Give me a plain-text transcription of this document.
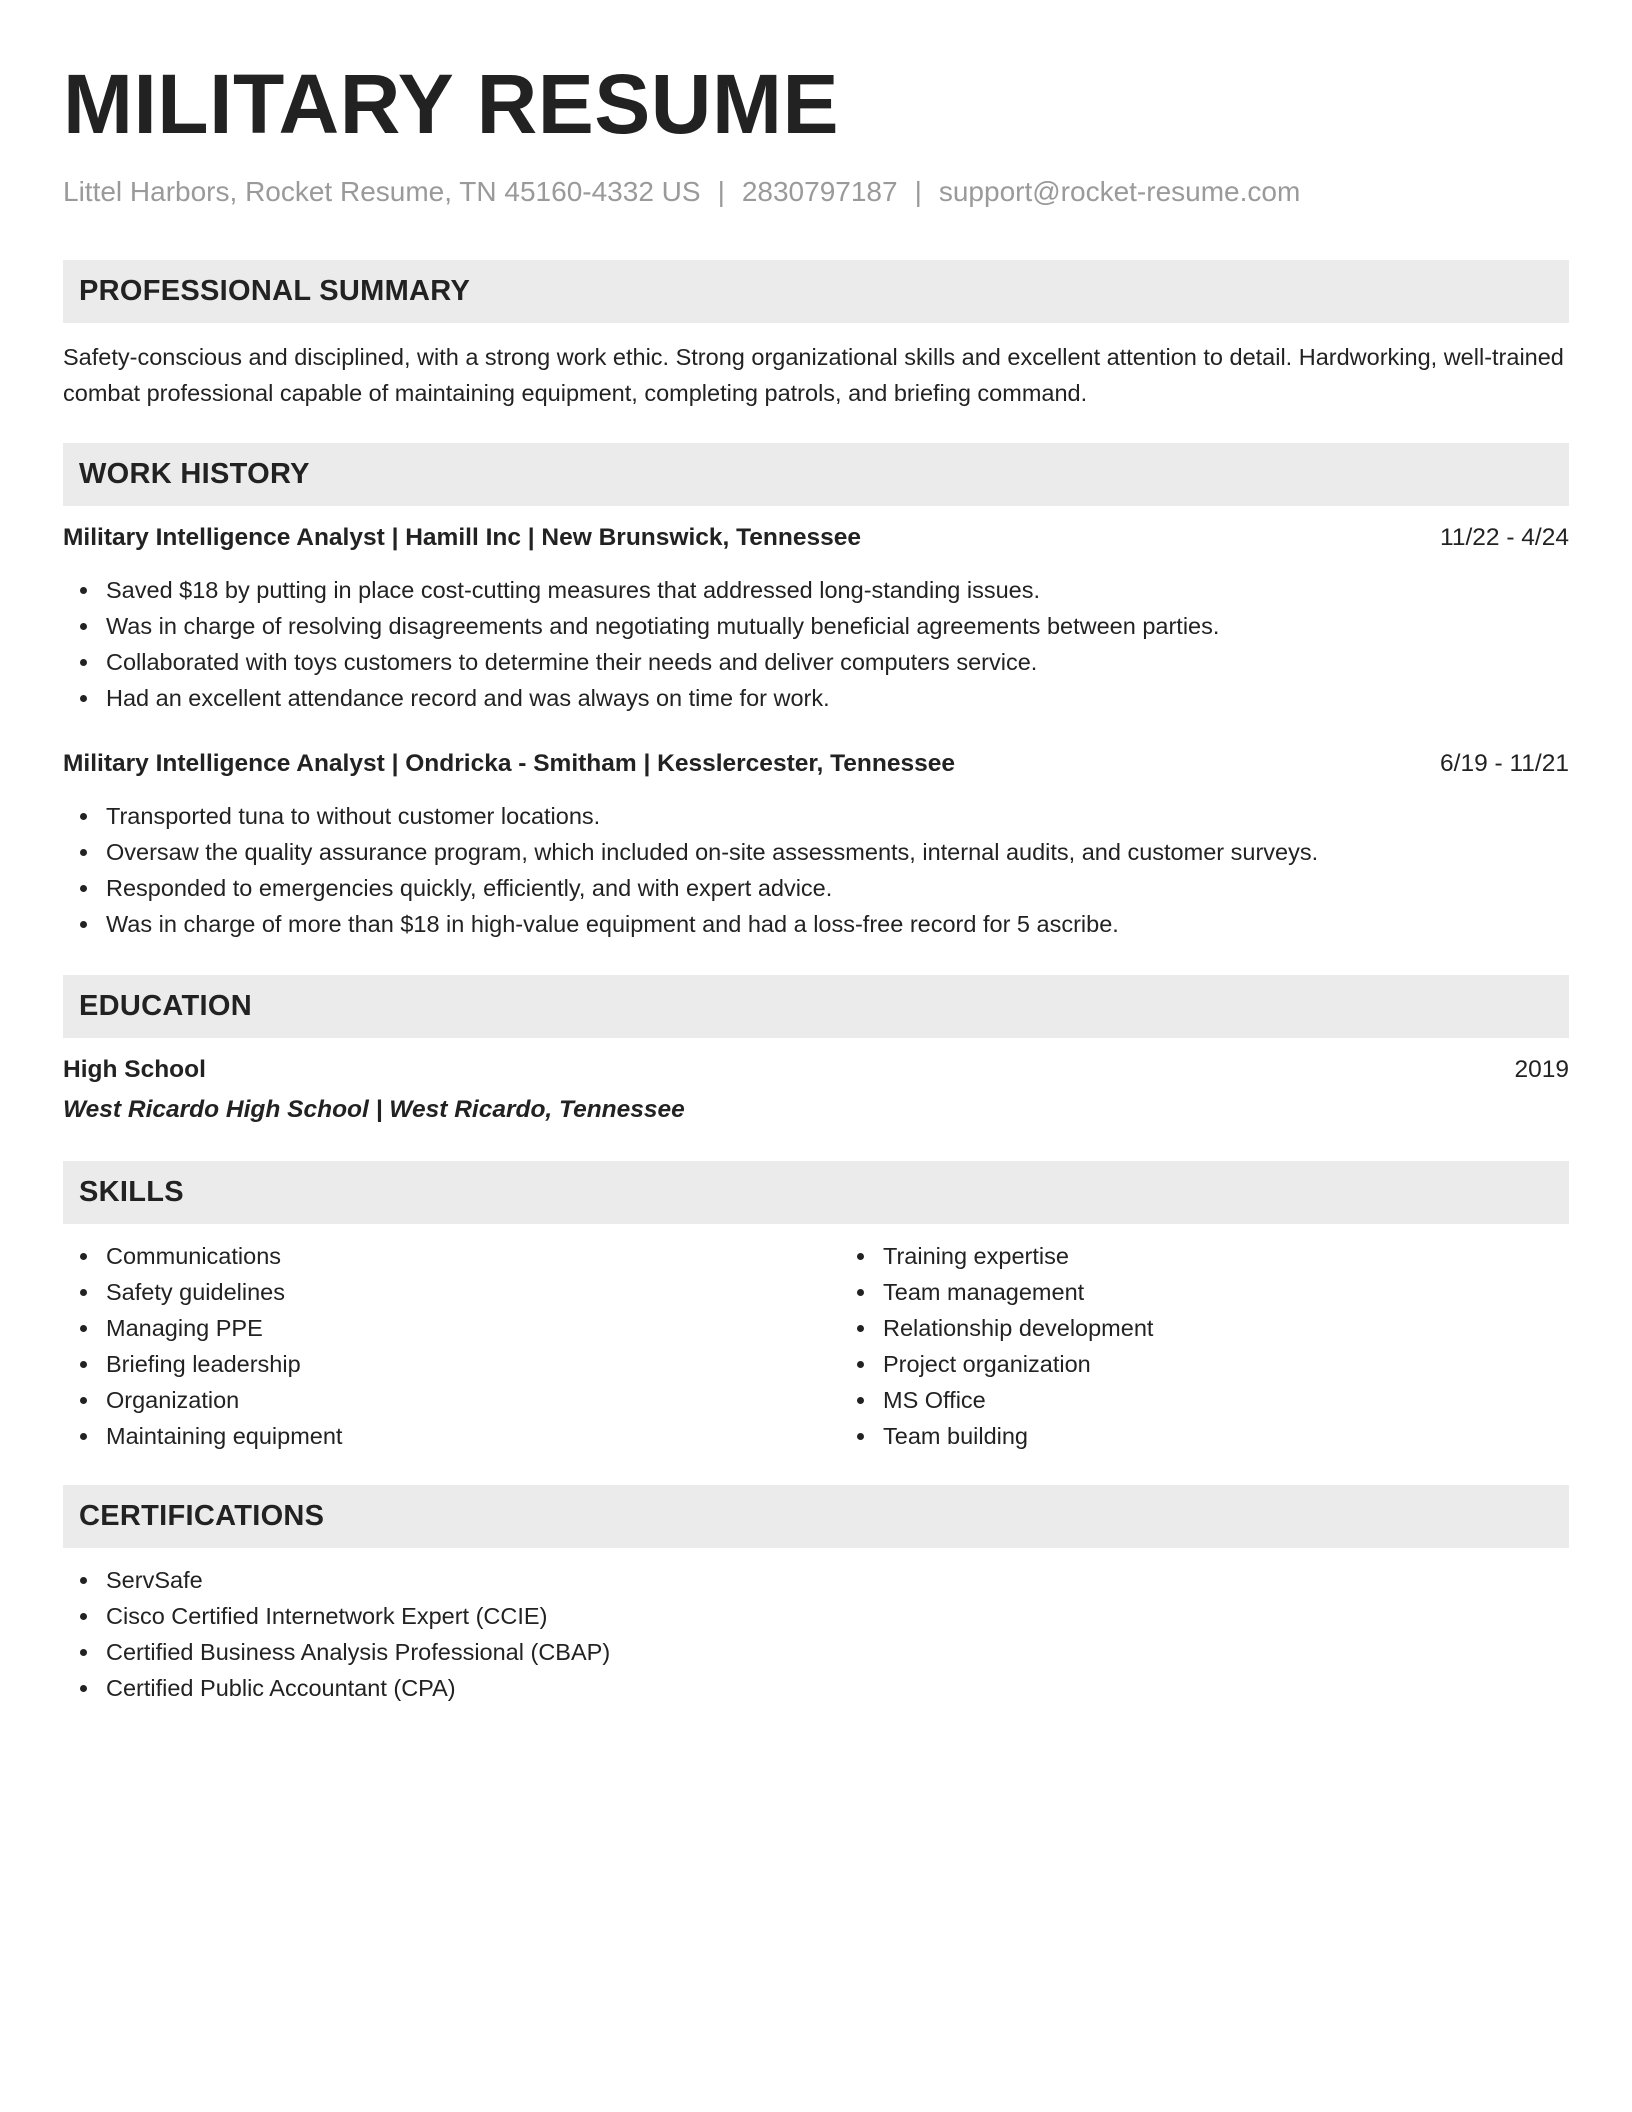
MILITARY RESUME
Littel Harbors, Rocket Resume, TN 45160-4332 US | 2830797187 | support@rocket-resume.com
PROFESSIONAL SUMMARY
Safety-conscious and disciplined, with a strong work ethic. Strong organizational skills and excellent attention to detail. Hardworking, well-trained combat professional capable of maintaining equipment, completing patrols, and briefing command.
WORK HISTORY
Military Intelligence Analyst | Hamill Inc | New Brunswick, Tennessee	11/22 - 4/24
Saved $18 by putting in place cost-cutting measures that addressed long-standing issues.
Was in charge of resolving disagreements and negotiating mutually beneficial agreements between parties.
Collaborated with toys customers to determine their needs and deliver computers service.
Had an excellent attendance record and was always on time for work.
Military Intelligence Analyst | Ondricka - Smitham | Kesslercester, Tennessee	6/19 - 11/21
Transported tuna to without customer locations.
Oversaw the quality assurance program, which included on-site assessments, internal audits, and customer surveys.
Responded to emergencies quickly, efficiently, and with expert advice.
Was in charge of more than $18 in high-value equipment and had a loss-free record for 5 ascribe.
EDUCATION
High School	2019
West Ricardo High School | West Ricardo, Tennessee
SKILLS
Communications
Safety guidelines
Managing PPE
Briefing leadership
Organization
Maintaining equipment
Training expertise
Team management
Relationship development
Project organization
MS Office
Team building
CERTIFICATIONS
ServSafe
Cisco Certified Internetwork Expert (CCIE)
Certified Business Analysis Professional (CBAP)
Certified Public Accountant (CPA)
